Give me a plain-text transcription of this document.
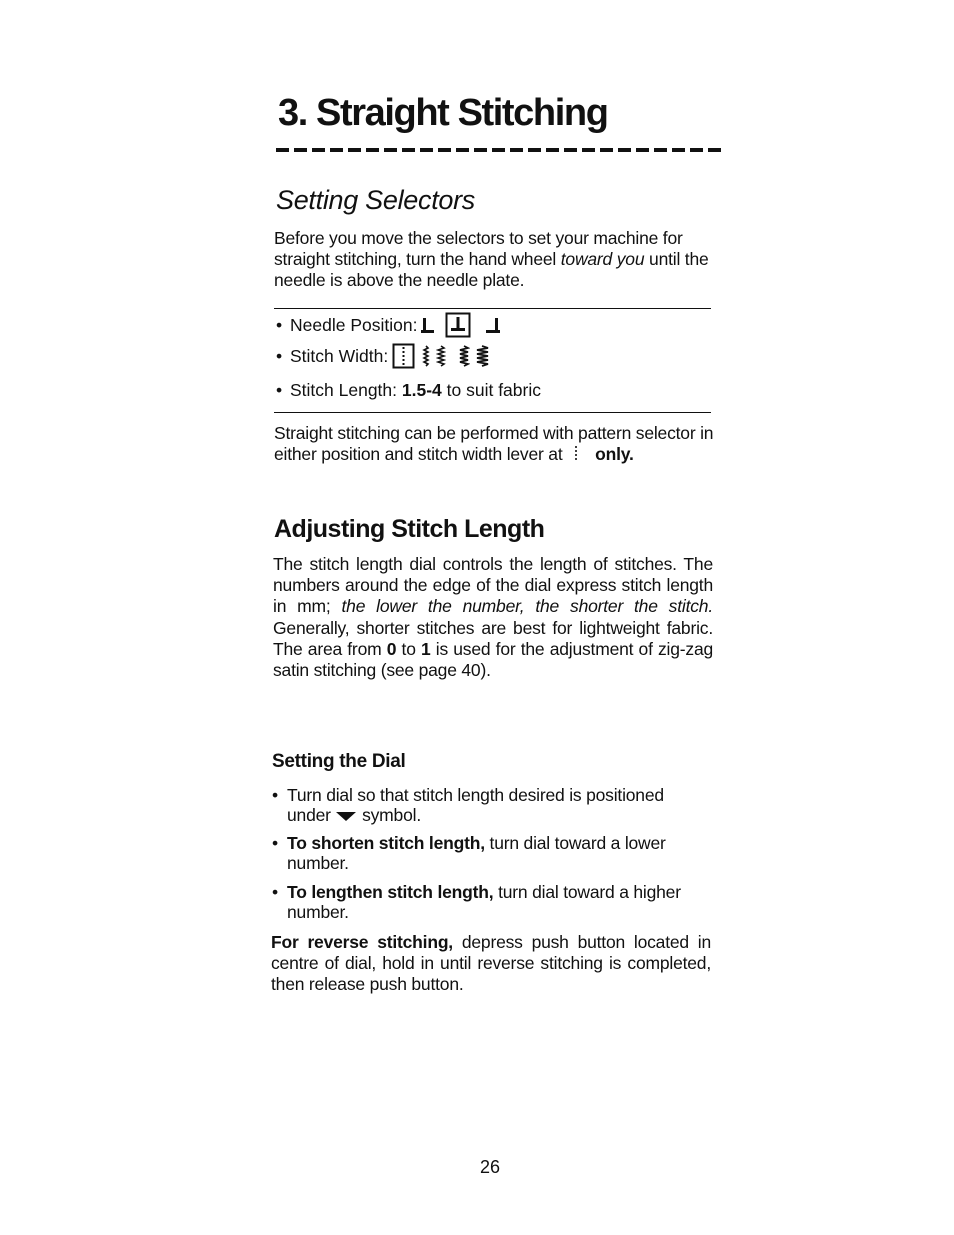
3. Straight Stitching
Setting Selectors

Before you move the selectors to set your machine for straight stitching, turn the hand wheel toward you until the needle is above the needle plate.

• Needle Position:
• Stitch Width:
• Stitch Length: 1.5-4 to suit fabric

Straight stitching can be performed with pattern selector in either position and stitch width lever at only.

Adjusting Stitch Length

The stitch length dial controls the length of stitches. The numbers around the edge of the dial express stitch length in mm; the lower the number, the shorter the stitch. Generally, shorter stitches are best for lightweight fabric. The area from 0 to 1 is used for the adjustment of zig-zag satin stitching (see page 40).

Setting the Dial

• Turn dial so that stitch length desired is positioned under  symbol.

• To shorten stitch length, turn dial toward a lower number.

• To lengthen stitch length, turn dial toward a higher number.

For reverse stitching, depress push button located in centre of dial, hold in until reverse stitching is completed, then release push button.

26
